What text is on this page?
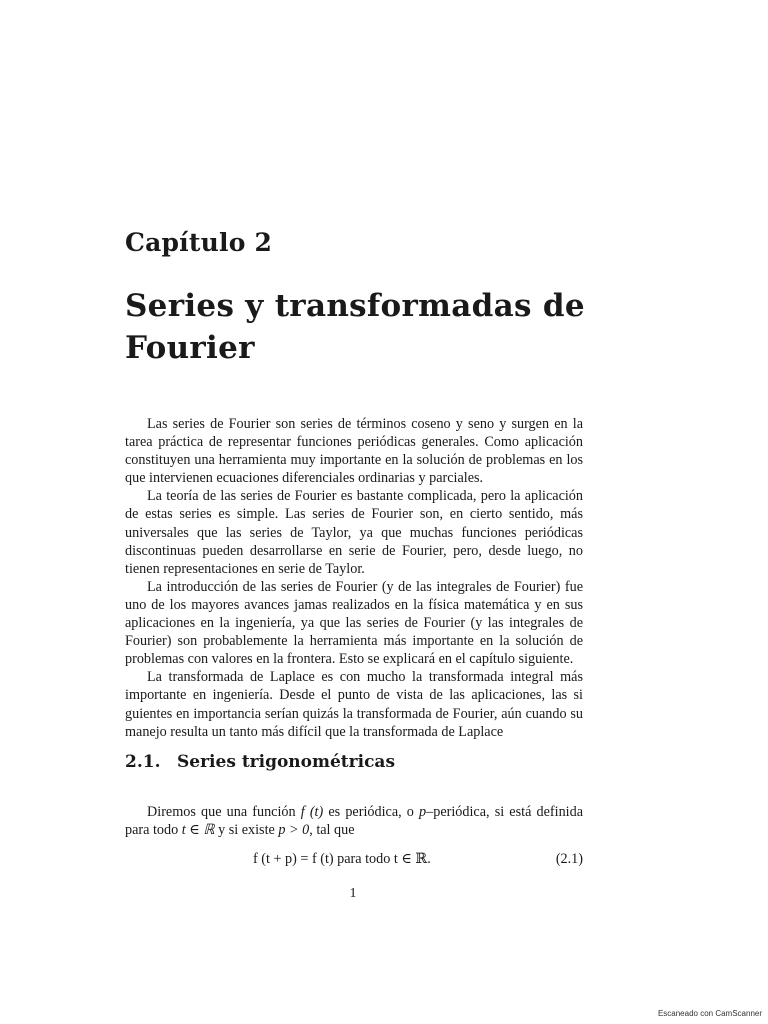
Capítulo 2
Series y transformadas de Fourier

Las series de Fourier son series de términos coseno y seno y surgen en la tarea práctica de representar funciones periódicas generales. Como aplicación constituyen una herramienta muy importante en la solución de problemas en los que intervienen ecuaciones diferenciales ordinarias y parciales.

La teoría de las series de Fourier es bastante complicada, pero la aplicación de estas series es simple. Las series de Fourier son, en cierto sentido, más universales que las series de Taylor, ya que muchas funciones periódicas discontinuas pueden desarrollarse en serie de Fourier, pero, desde luego, no tienen representaciones en serie de Taylor.

La introducción de las series de Fourier (y de las integrales de Fourier) fue uno de los mayores avances jamas realizados en la física matemática y en sus aplicaciones en la ingeniería, ya que las series de Fourier (y las integrales de Fourier) son probablemente la herramienta más importante en la solución de problemas con valores en la frontera. Esto se explicará en el capítulo siguiente.

La transformada de Laplace es con mucho la transformada integral más importante en ingeniería. Desde el punto de vista de las aplicaciones, las si guientes en importancia serían quizás la transformada de Fourier, aún cuando su manejo resulta un tanto más difícil que la transformada de Laplace

2.1. Series trigonométricas

Diremos que una función f (t) es periódica, o p–periódica, si está definida para todo t ∈ ℝ y si existe p > 0, tal que

f (t + p) = f (t) para todo t ∈ ℝ.	(2.1)
1
Escaneado con CamScanner
